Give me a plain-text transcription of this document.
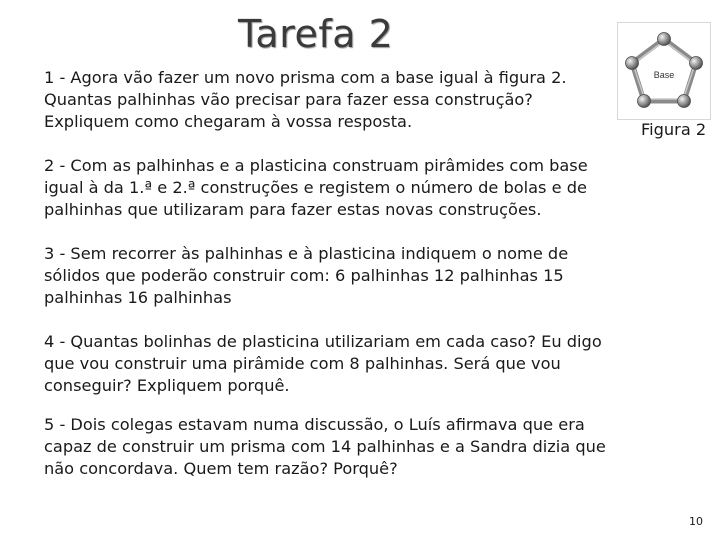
Tarefa 2
1 - Agora vão fazer um novo prisma com a base igual à figura 2.
Quantas palhinhas vão precisar para fazer essa construção?
Expliquem como chegaram à vossa resposta.
2 - Com as palhinhas e a plasticina construam pirâmides com base
igual à da 1.ª e 2.ª construções e registem o número de bolas e de
palhinhas que utilizaram para fazer estas novas construções.
3 - Sem recorrer às palhinhas e à plasticina indiquem o nome de
sólidos que poderão construir com: 6 palhinhas 12 palhinhas 15
palhinhas 16 palhinhas
4 - Quantas bolinhas de plasticina utilizariam em cada caso? Eu digo
que vou construir uma pirâmide com 8 palhinhas. Será que vou
conseguir? Expliquem porquê.
5 - Dois colegas estavam numa discussão, o Luís afirmava que era
capaz de construir um prisma com 14 palhinhas e a Sandra dizia que
não concordava. Quem tem razão? Porquê?
Base
Figura 2
10
